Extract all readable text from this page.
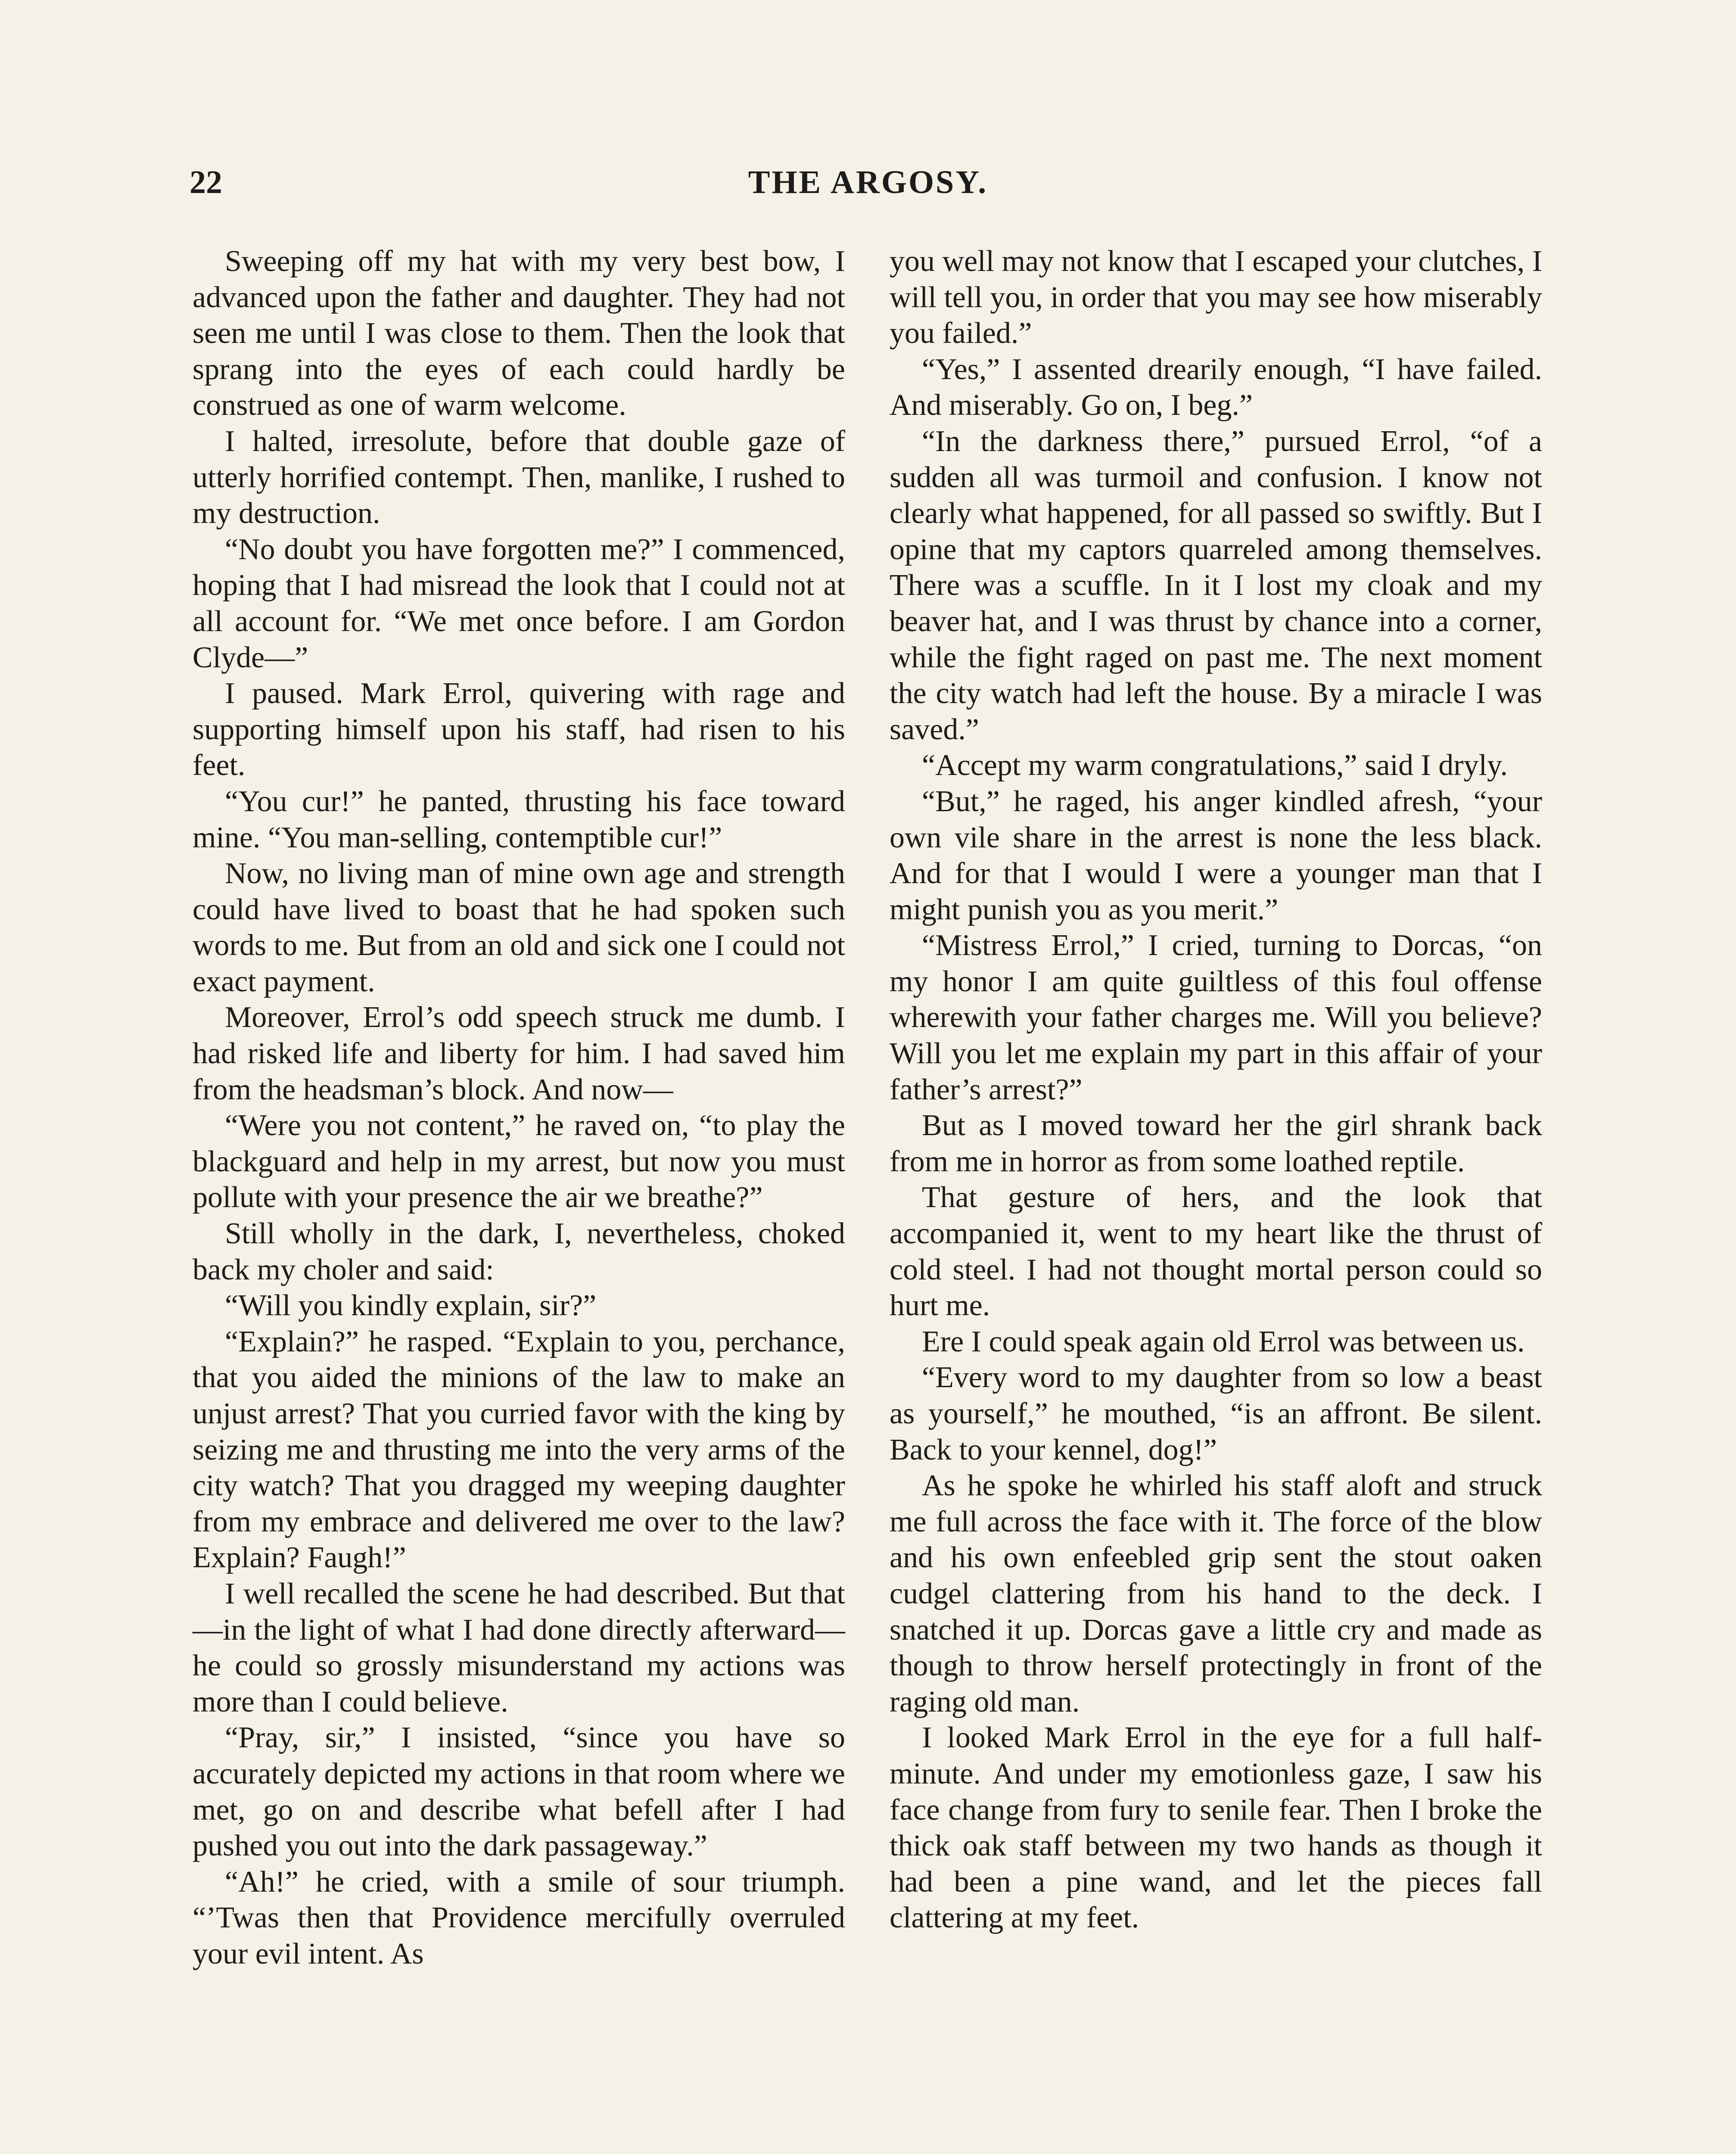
22	THE ARGOSY.

Sweeping off my hat with my very best bow, I advanced upon the father and daughter. They had not seen me until I was close to them. Then the look that sprang into the eyes of each could hardly be construed as one of warm welcome.

I halted, irresolute, before that double gaze of utterly horrified contempt. Then, manlike, I rushed to my destruction.

“No doubt you have forgotten me?” I commenced, hoping that I had misread the look that I could not at all account for. “We met once before. I am Gordon Clyde—”

I paused. Mark Errol, quivering with rage and supporting himself upon his staff, had risen to his feet.

“You cur!” he panted, thrusting his face toward mine. “You man-selling, contemptible cur!”

Now, no living man of mine own age and strength could have lived to boast that he had spoken such words to me. But from an old and sick one I could not exact payment.

Moreover, Errol’s odd speech struck me dumb. I had risked life and liberty for him. I had saved him from the headsman’s block. And now—

“Were you not content,” he raved on, “to play the blackguard and help in my arrest, but now you must pollute with your presence the air we breathe?”

Still wholly in the dark, I, nevertheless, choked back my choler and said:

“Will you kindly explain, sir?”

“Explain?” he rasped. “Explain to you, perchance, that you aided the minions of the law to make an unjust arrest? That you curried favor with the king by seizing me and thrusting me into the very arms of the city watch? That you dragged my weeping daughter from my embrace and delivered me over to the law? Explain? Faugh!”

I well recalled the scene he had described. But that—in the light of what I had done directly afterward—he could so grossly misunderstand my actions was more than I could believe.

“Pray, sir,” I insisted, “since you have so accurately depicted my actions in that room where we met, go on and describe what befell after I had pushed you out into the dark passageway.”

“Ah!” he cried, with a smile of sour triumph. “’Twas then that Providence mercifully overruled your evil intent. As

you well may not know that I escaped your clutches, I will tell you, in order that you may see how miserably you failed.”

“Yes,” I assented drearily enough, “I have failed. And miserably. Go on, I beg.”

“In the darkness there,” pursued Errol, “of a sudden all was turmoil and confusion. I know not clearly what happened, for all passed so swiftly. But I opine that my captors quarreled among themselves. There was a scuffle. In it I lost my cloak and my beaver hat, and I was thrust by chance into a corner, while the fight raged on past me. The next moment the city watch had left the house. By a miracle I was saved.”

“Accept my warm congratulations,” said I dryly.

“But,” he raged, his anger kindled afresh, “your own vile share in the arrest is none the less black. And for that I would I were a younger man that I might punish you as you merit.”

“Mistress Errol,” I cried, turning to Dorcas, “on my honor I am quite guiltless of this foul offense wherewith your father charges me. Will you believe? Will you let me explain my part in this affair of your father’s arrest?”

But as I moved toward her the girl shrank back from me in horror as from some loathed reptile.

That gesture of hers, and the look that accompanied it, went to my heart like the thrust of cold steel. I had not thought mortal person could so hurt me.

Ere I could speak again old Errol was between us.

“Every word to my daughter from so low a beast as yourself,” he mouthed, “is an affront. Be silent. Back to your kennel, dog!”

As he spoke he whirled his staff aloft and struck me full across the face with it. The force of the blow and his own enfeebled grip sent the stout oaken cudgel clattering from his hand to the deck. I snatched it up. Dorcas gave a little cry and made as though to throw herself protectingly in front of the raging old man.

I looked Mark Errol in the eye for a full half-minute. And under my emotionless gaze, I saw his face change from fury to senile fear. Then I broke the thick oak staff between my two hands as though it had been a pine wand, and let the pieces fall clattering at my feet.
